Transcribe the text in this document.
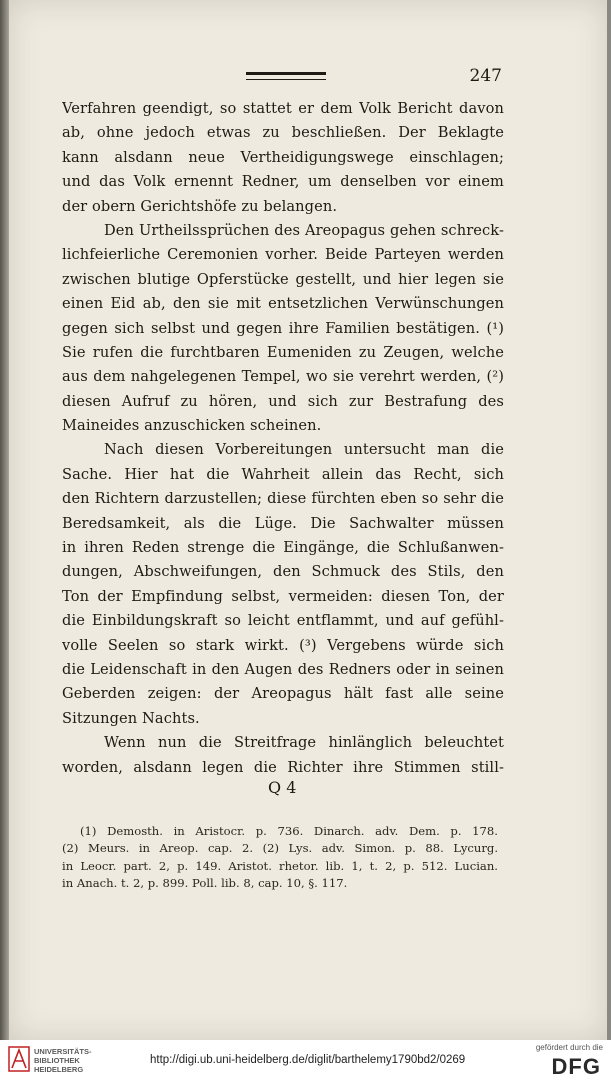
247
Verfahren geendigt, so stattet er dem Volk Bericht davon
ab, ohne jedoch etwas zu beschließen. Der Beklagte
kann alsdann neue Vertheidigungswege einschlagen;
und das Volk ernennt Redner, um denselben vor einem
der obern Gerichtshöfe zu belangen.
Den Urtheilssprüchen des Areopagus gehen schreck-
lichfeierliche Ceremonien vorher. Beide Parteyen werden
zwischen blutige Opferstücke gestellt, und hier legen sie
einen Eid ab, den sie mit entsetzlichen Verwünschungen
gegen sich selbst und gegen ihre Familien bestätigen. (¹)
Sie rufen die furchtbaren Eumeniden zu Zeugen, welche
aus dem nahgelegenen Tempel, wo sie verehrt werden, (²)
diesen Aufruf zu hören, und sich zur Bestrafung des
Maineides anzuschicken scheinen.
Nach diesen Vorbereitungen untersucht man die
Sache. Hier hat die Wahrheit allein das Recht, sich
den Richtern darzustellen; diese fürchten eben so sehr die
Beredsamkeit, als die Lüge. Die Sachwalter müssen
in ihren Reden strenge die Eingänge, die Schlußanwen-
dungen, Abschweifungen, den Schmuck des Stils, den
Ton der Empfindung selbst, vermeiden: diesen Ton, der
die Einbildungskraft so leicht entflammt, und auf gefühl-
volle Seelen so stark wirkt. (³) Vergebens würde sich
die Leidenschaft in den Augen des Redners oder in seinen
Geberden zeigen: der Areopagus hält fast alle seine
Sitzungen Nachts.
Wenn nun die Streitfrage hinlänglich beleuchtet
worden, alsdann legen die Richter ihre Stimmen still-
Q 4
(1) Demosth. in Aristocr. p. 736. Dinarch. adv. Dem. p. 178.
(2) Meurs. in Areop. cap. 2. (2) Lys. adv. Simon. p. 88. Lycurg.
in Leocr. part. 2, p. 149. Aristot. rhetor. lib. 1, t. 2, p. 512. Lucian.
in Anach. t. 2, p. 899. Poll. lib. 8, cap. 10, §. 117.
UNIVERSITÄTS-
BIBLIOTHEK
HEIDELBERG
http://digi.ub.uni-heidelberg.de/diglit/barthelemy1790bd2/0269
gefördert durch die
DFG
